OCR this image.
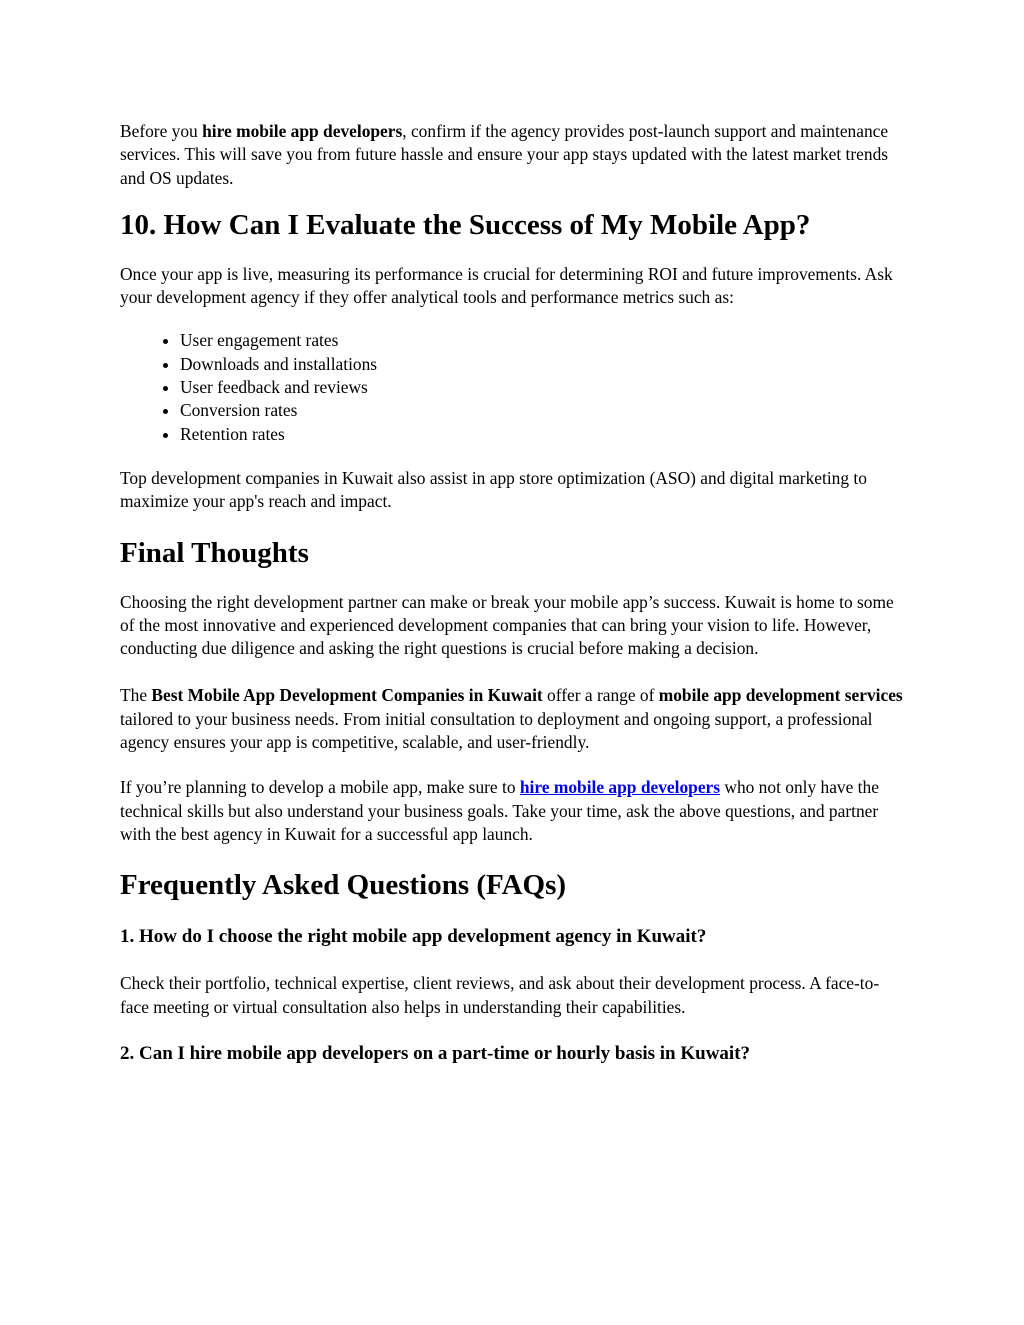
Before you hire mobile app developers, confirm if the agency provides post-launch support and maintenance services. This will save you from future hassle and ensure your app stays updated with the latest market trends and OS updates.

10. How Can I Evaluate the Success of My Mobile App?

Once your app is live, measuring its performance is crucial for determining ROI and future improvements. Ask your development agency if they offer analytical tools and performance metrics such as:

• User engagement rates
• Downloads and installations
• User feedback and reviews
• Conversion rates
• Retention rates

Top development companies in Kuwait also assist in app store optimization (ASO) and digital marketing to maximize your app's reach and impact.

Final Thoughts

Choosing the right development partner can make or break your mobile app’s success. Kuwait is home to some of the most innovative and experienced development companies that can bring your vision to life. However, conducting due diligence and asking the right questions is crucial before making a decision.

The Best Mobile App Development Companies in Kuwait offer a range of mobile app development services tailored to your business needs. From initial consultation to deployment and ongoing support, a professional agency ensures your app is competitive, scalable, and user-friendly.

If you’re planning to develop a mobile app, make sure to hire mobile app developers who not only have the technical skills but also understand your business goals. Take your time, ask the above questions, and partner with the best agency in Kuwait for a successful app launch.

Frequently Asked Questions (FAQs)
1. How do I choose the right mobile app development agency in Kuwait?

Check their portfolio, technical expertise, client reviews, and ask about their development process. A face-to-face meeting or virtual consultation also helps in understanding their capabilities.

2. Can I hire mobile app developers on a part-time or hourly basis in Kuwait?
